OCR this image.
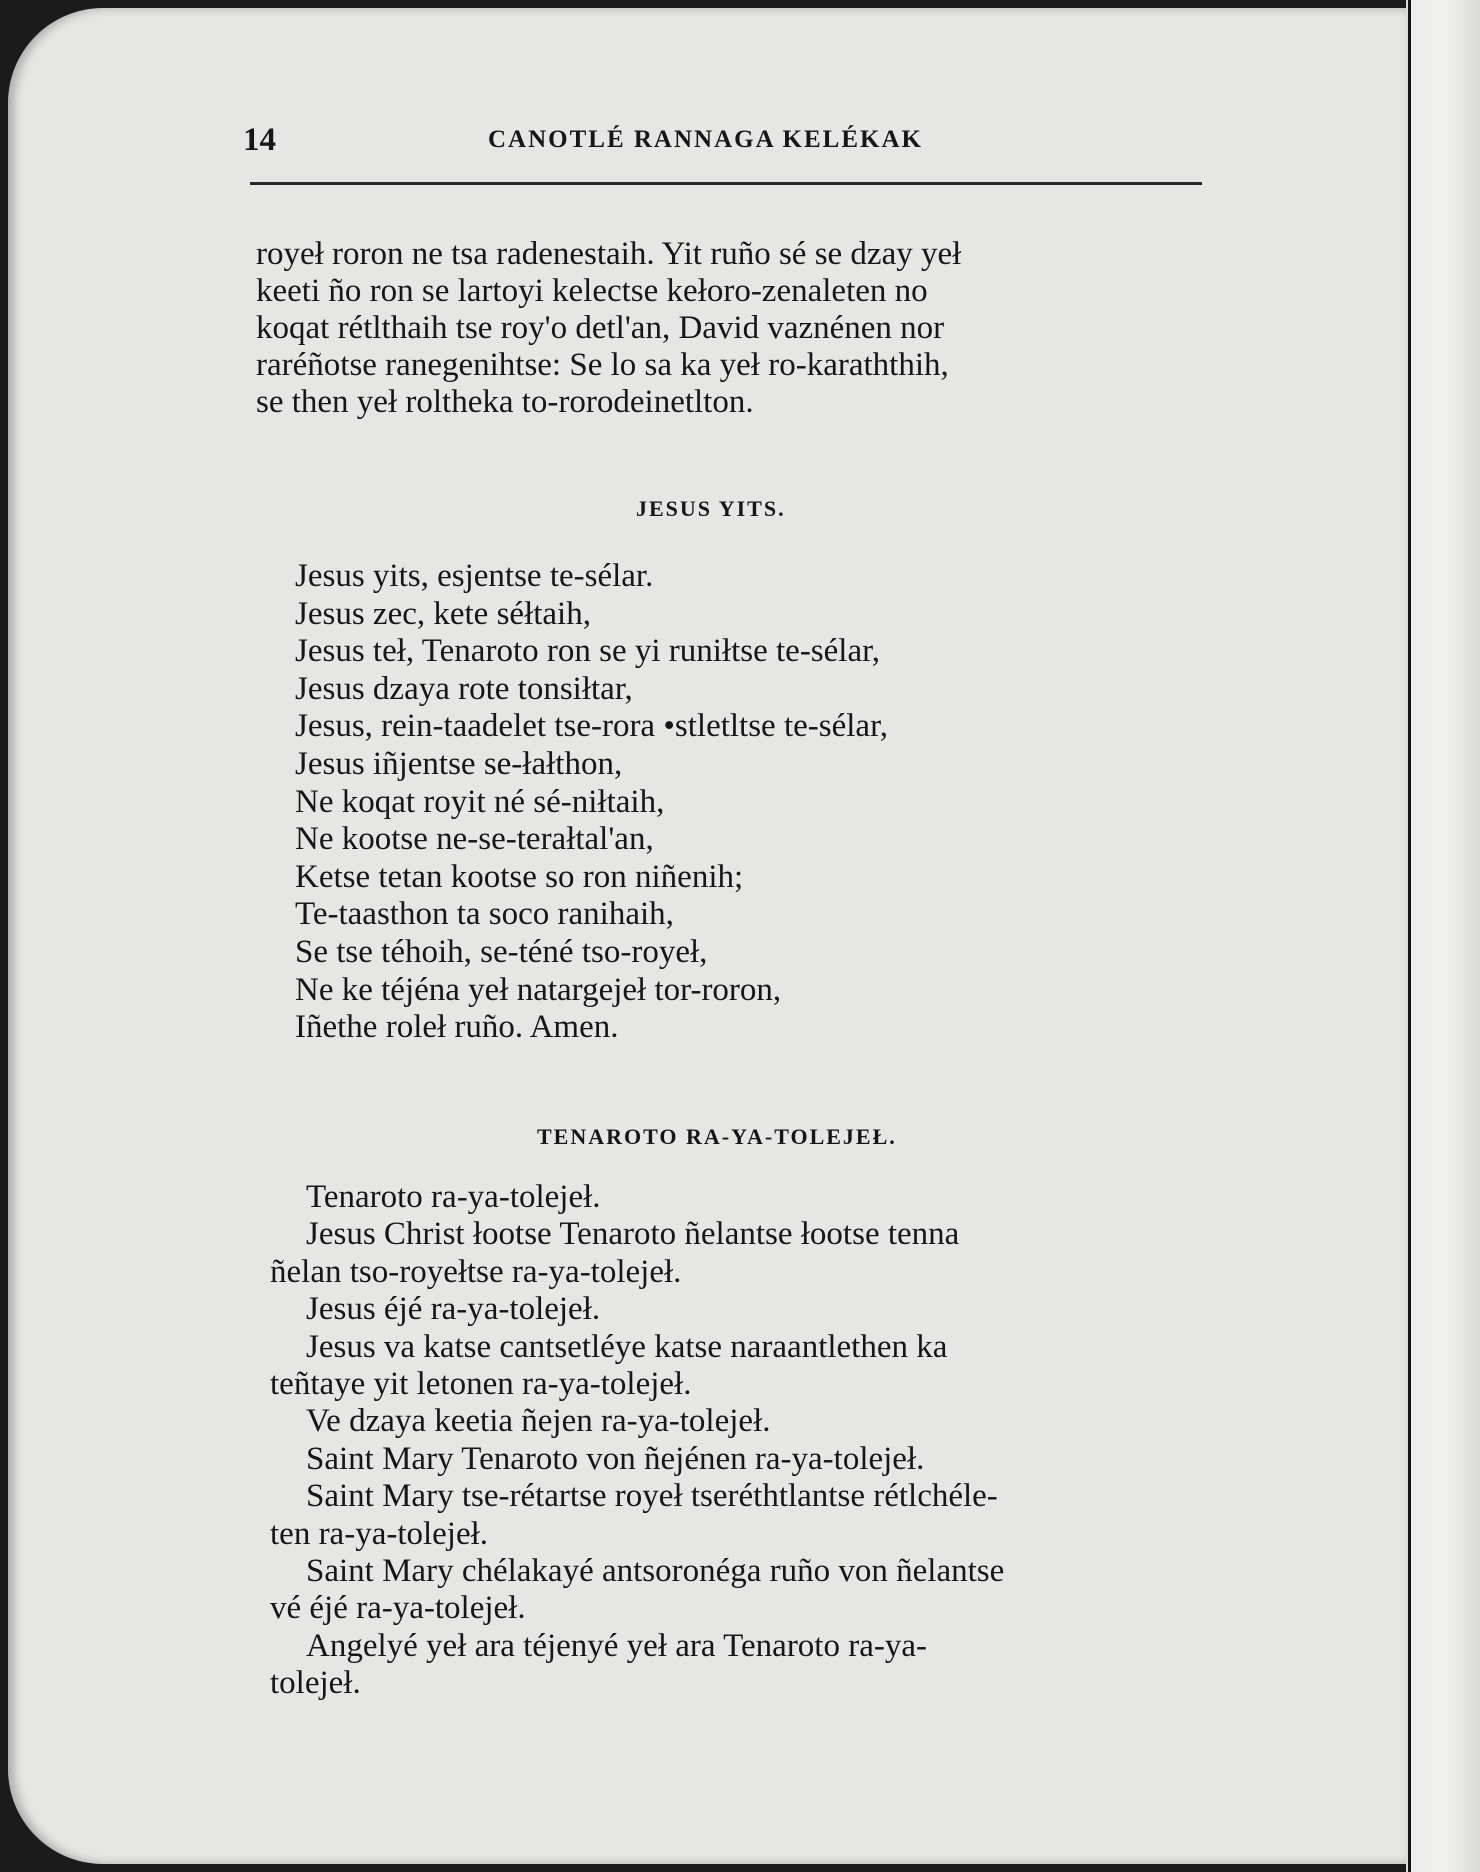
14	CANOTLÉ RANNAGA KELÉKAK
royeł roron ne tsa radenestaih. Yit ruño sé se dzay yeł
keeti ño ron se lartoyi kelectse kełoro-zenaleten no
koqat rétlthaih tse roy'o detl'an, David vaznénen nor
raréñotse ranegenihtse: Se lo sa ka yeł ro-karaththih,
se then yeł roltheka to-rorodeinetlton.
JESUS YITS.
Jesus yits, esjentse te-sélar.
Jesus zec, kete séłtaih,
Jesus teł, Tenaroto ron se yi runiłtse te-sélar,
Jesus dzaya rote tonsiłtar,
Jesus, rein-taadelet tse-rora •stletltse te-sélar,
Jesus iñjentse se-łałthon,
Ne koqat royit né sé-niłtaih,
Ne kootse ne-se-terałtal'an,
Ketse tetan kootse so ron niñenih;
Te-taasthon ta soco ranihaih,
Se tse téhoih, se-téné tso-royeł,
Ne ke téjéna yeł natargejeł tor-roron,
Iñethe roleł ruño. Amen.
TENAROTO RA-YA-TOLEJEŁ.
Tenaroto ra-ya-tolejeł.
Jesus Christ łootse Tenaroto ñelantse łootse tenna
ñelan tso-royełtse ra-ya-tolejeł.
Jesus éjé ra-ya-tolejeł.
Jesus va katse cantsetléye katse naraantlethen ka
teñtaye yit letonen ra-ya-tolejeł.
Ve dzaya keetia ñejen ra-ya-tolejeł.
Saint Mary Tenaroto von ñejénen ra-ya-tolejeł.
Saint Mary tse-rétartse royeł tseréthtlantse rétlchéle-
ten ra-ya-tolejeł.
Saint Mary chélakayé antsoronéga ruño von ñelantse
vé éjé ra-ya-tolejeł.
Angelyé yeł ara téjenyé yeł ara Tenaroto ra-ya-
tolejeł.
